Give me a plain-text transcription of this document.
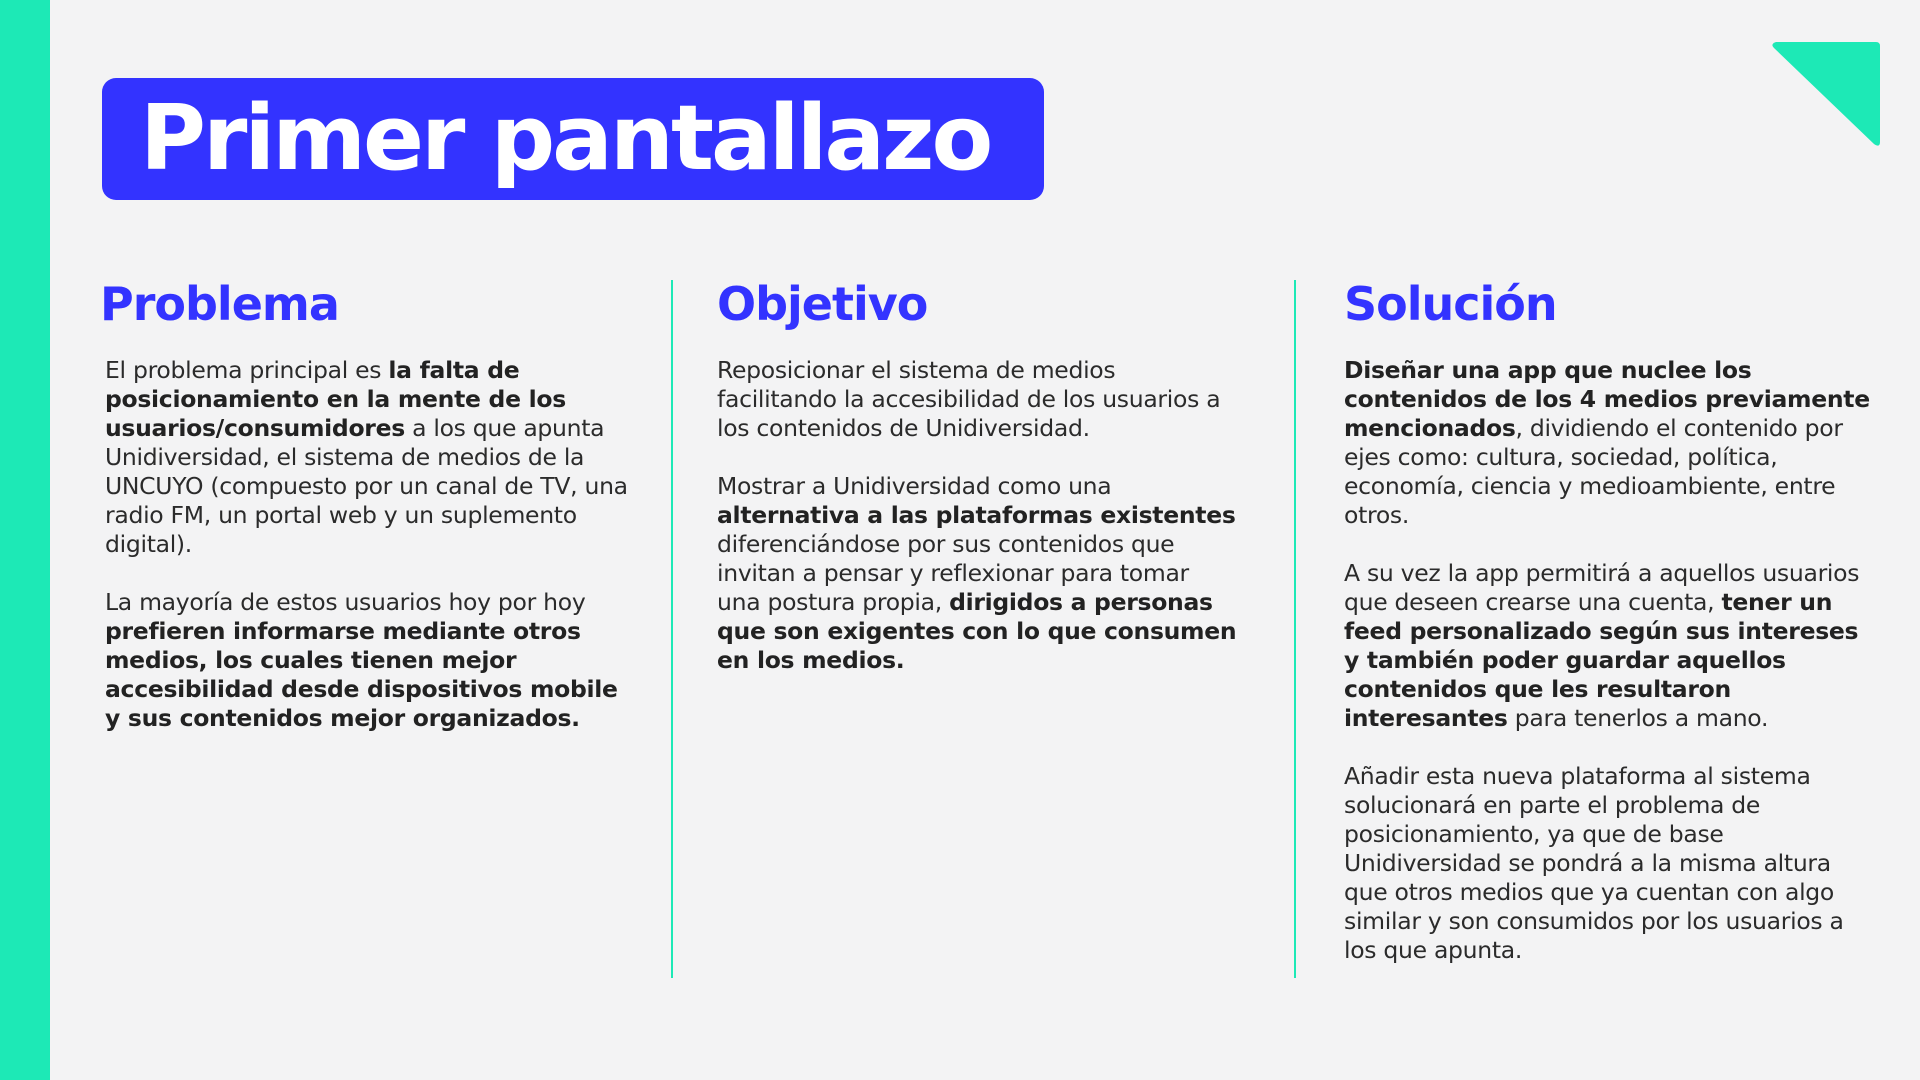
Primer pantallazo
Problema

El problema principal es la falta de posicionamiento en la mente de los usuarios/consumidores a los que apunta Unidiversidad, el sistema de medios de la UNCUYO (compuesto por un canal de TV, una radio FM, un portal web y un suplemento digital).

La mayoría de estos usuarios hoy por hoy prefieren informarse mediante otros medios, los cuales tienen mejor accesibilidad desde dispositivos mobile y sus contenidos mejor organizados.

Objetivo

Reposicionar el sistema de medios facilitando la accesibilidad de los usuarios a los contenidos de Unidiversidad.

Mostrar a Unidiversidad como una alternativa a las plataformas existentes diferenciándose por sus contenidos que invitan a pensar y reflexionar para tomar una postura propia, dirigidos a personas que son exigentes con lo que consumen en los medios.

Solución

Diseñar una app que nuclee los contenidos de los 4 medios previamente mencionados, dividiendo el contenido por ejes como: cultura, sociedad, política, economía, ciencia y medioambiente, entre otros.

A su vez la app permitirá a aquellos usuarios que deseen crearse una cuenta, tener un feed personalizado según sus intereses y también poder guardar aquellos contenidos que les resultaron interesantes para tenerlos a mano.

Añadir esta nueva plataforma al sistema solucionará en parte el problema de posicionamiento, ya que de base Unidiversidad se pondrá a la misma altura que otros medios que ya cuentan con algo similar y son consumidos por los usuarios a los que apunta.
